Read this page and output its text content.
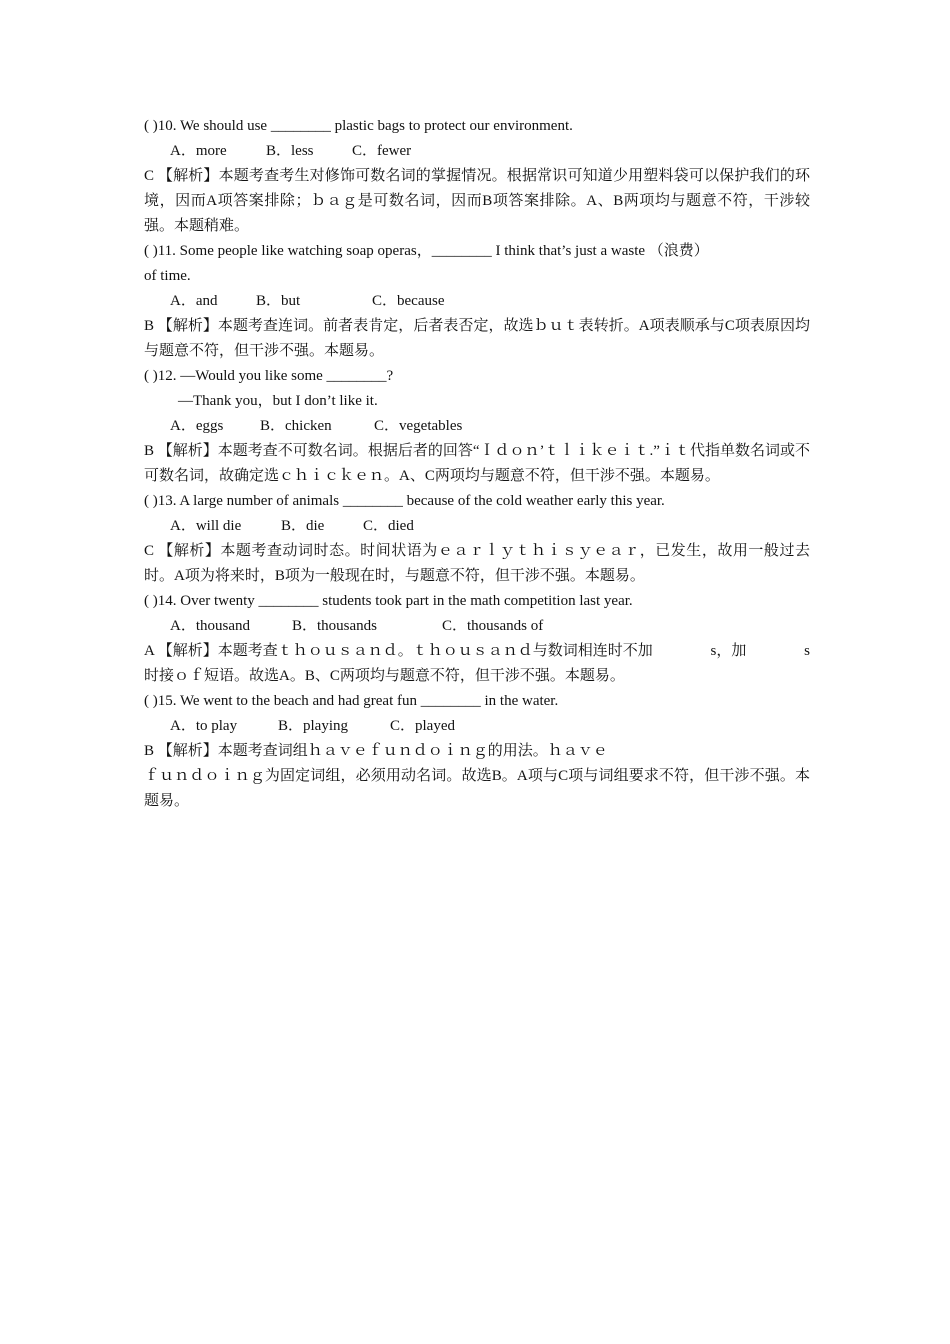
( )10. We should use ________ plastic bags to protect our environment.
A．more	B．less	C．fewer
C 【解析】本题考查考生对修饰可数名词的掌握情况。根据常识可知道少用塑料袋可以保护我们的环境，因而A项答案排除；ｂａｇ是可数名词，因而B项答案排除。A、B两项均与题意不符，干涉较强。本题稍难。
( )11. Some people like watching soap operas，________ I think that’s just a waste （浪费）
of time.
A．and	B．but	C．because
B 【解析】本题考查连词。前者表肯定，后者表否定，故选ｂｕｔ表转折。A项表顺承与C项表原因均与题意不符，但干涉不强。本题易。
( )12. —Would you like some ________?
—Thank you，but I don’t like it.
A．eggs B．chicken	C．vegetables
B 【解析】本题考查不可数名词。根据后者的回答“Ｉｄｏｎ’ｔｌｉｋｅｉｔ.”ｉｔ代指单数名词或不可数名词，故确定选ｃｈｉｃｋｅｎ。A、C两项均与题意不符，但干涉不强。本题易。
( )13. A large number of animals ________ because of the cold weather early this year.
A．will die	B．die	C．died
C 【解析】本题考查动词时态。时间状语为ｅａｒｌｙｔｈｉｓｙｅａｒ，已发生，故用一般过去时。A项为将来时，B项为一般现在时，与题意不符，但干涉不强。本题易。
( )14. Over twenty ________ students took part in the math competition last year.
A．thousand	B．thousands	C．thousands of
A 【解析】本题考查ｔｈｏｕｓａｎｄ。ｔｈｏｕｓａｎｄ与数词相连时不加	s，加	s
时接ｏｆ短语。故选A。B、C两项均与题意不符，但干涉不强。本题易。
( )15. We went to the beach and had great fun ________ in the water.
A．to play	B．playing	C．played
B 【解析】本题考查词组ｈａｖｅｆｕｎｄｏｉｎｇ的用法。ｈａｖｅ
ｆｕｎｄｏｉｎｇ为固定词组，必须用动名词。故选B。A项与C项与词组要求不符，但干涉不强。本题易。
